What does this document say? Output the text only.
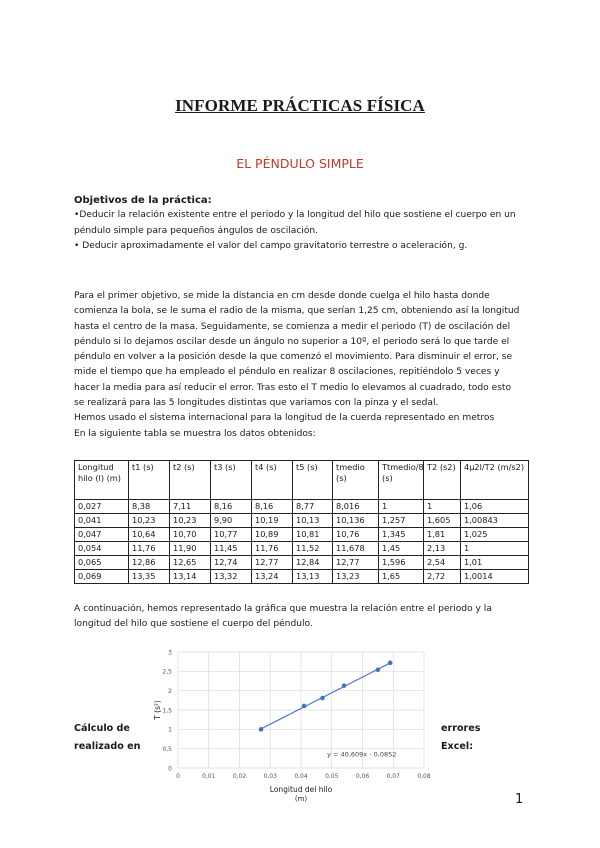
INFORME PRÁCTICAS FÍSICA
EL PÉNDULO SIMPLE

Objetivos de la práctica:

•Deducir la relación existente entre el periodo y la longitud del hilo que sostiene el cuerpo en un péndulo simple para pequeños ángulos de oscilación.

• Deducir aproximadamente el valor del campo gravitatorio terrestre o aceleración, g.

Para el primer objetivo, se mide la distancia en cm desde donde cuelga el hilo hasta donde comienza la bola, se le suma el radio de la misma, que serían 1,25 cm, obteniendo así la longitud hasta el centro de la masa. Seguidamente, se comienza a medir el periodo (T) de oscilación del péndulo si lo dejamos oscilar desde un ángulo no superior a 10º, el periodo será lo que tarde el péndulo en volver a la posición desde la que comenzó el movimiento. Para disminuir el error, se mide el tiempo que ha empleado el péndulo en realizar 8 oscilaciones, repitiéndolo 5 veces y hacer la media para así reducir el error. Tras esto el T medio lo elevamos al cuadrado, todo esto se realizará para las 5 longitudes distintas que variamos con la pinza y el sedal.

Hemos usado el sistema internacional para la longitud de la cuerda representado en metros

En la siguiente tabla se muestra los datos obtenidos:

Longitud hilo (l) (m)	t1 (s)	t2 (s)	t3 (s)	t4 (s)	t5 (s)	tmedio (s)	Ttmedio/8 (s)	T2 (s2)	4µ2l/T2 (m/s2)
0,027	8,38	7,11	8,16	8,16	8,77	8,016	1	1	1,06
0,041	10,23	10,23	9,90	10,19	10,13	10,136	1,257	1,605	1,00843
0,047	10,64	10,70	10,77	10,89	10,81	10,76	1,345	1,81	1,025
0,054	11,76	11,90	11,45	11,76	11,52	11,678	1,45	2,13	1
0,065	12,86	12,65	12,74	12,77	12,84	12,77	1,596	2,54	1,01
0,069	13,35	13,14	13,32	13,24	13,13	13,23	1,65	2,72	1,0014

A continuación, hemos representado la gráfica que muestra la relación entre el periodo y la longitud del hilo que sostiene el cuerpo del péndulo.

0
0,5
1
1,5
2
2,5
3
0	0,01	0,02	0,03	0,04	0,05	0,06	0,07	0,08
y = 40,609x - 0,0852
Longitud del hilo
(m)
T (s²)
Cálculo de
realizado en
errores
Excel:
1
